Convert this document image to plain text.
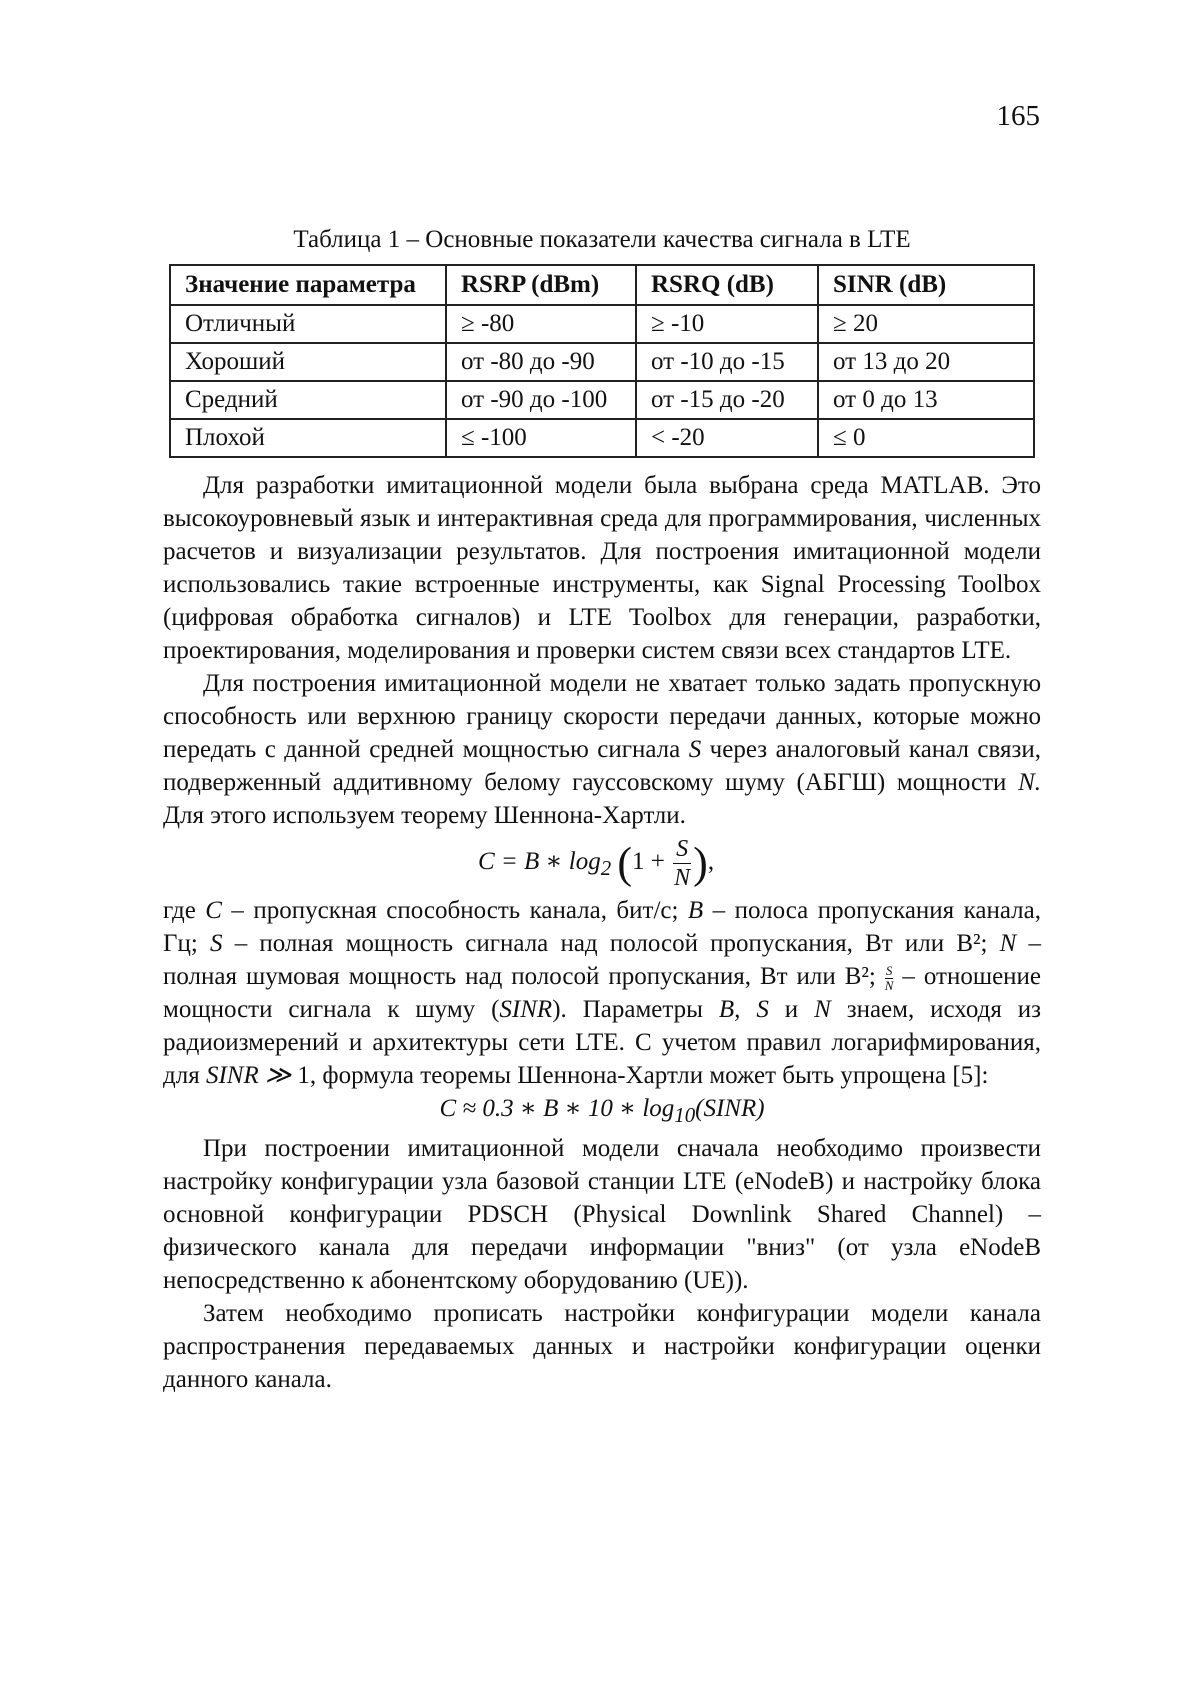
165
Таблица 1 – Основные показатели качества сигнала в LTE
Значение параметра	RSRP (dBm)	RSRQ (dB)	SINR (dB)
Отличный	≥ -80	≥ -10	≥ 20
Хороший	от -80 до -90	от -10 до -15	от 13 до 20
Средний	от -90 до -100	от -15 до -20	от 0 до 13
Плохой	≤ -100	< -20	≤ 0

Для разработки имитационной модели была выбрана среда MATLAB. Это высокоуровневый язык и интерактивная среда для программирования, численных расчетов и визуализации результатов. Для построения имитационной модели использовались такие встроенные инструменты, как Signal Processing Toolbox (цифровая обработка сигналов) и LTE Toolbox для генерации, разработки, проектирования, моделирования и проверки систем связи всех стандартов LTE.

Для построения имитационной модели не хватает только задать пропускную способность или верхнюю границу скорости передачи данных, которые можно передать с данной средней мощностью сигнала S через аналоговый канал связи, подверженный аддитивному белому гауссовскому шуму (АБГШ) мощности N. Для этого используем теорему Шеннона-Хартли.

C = B ∗ $\log_2 (1 + \frac{S}{N}$ ),

где C – пропускная способность канала, бит/с; B – полоса пропускания канала, Гц; S – полная мощность сигнала над полосой пропускания, Вт или В²; N – полная шумовая мощность над полосой пропускания, Вт или В²; $\frac{S}{N}$ – отношение мощности сигнала к шуму (SINR). Параметры B, S и N знаем, исходя из радиоизмерений и архитектуры сети LTE. С учетом правил логарифмирования, для SINR ≫ 1, формула теоремы Шеннона-Хартли может быть упрощена [5]:

C ≈ 0.3 ∗ B ∗ 10 ∗ $\log_{10}(SINR)$

При построении имитационной модели сначала необходимо произвести настройку конфигурации узла базовой станции LTE (eNodeB) и настройку блока основной конфигурации PDSCH (Physical Downlink Shared Channel) – физического канала для передачи информации "вниз" (от узла eNodeB непосредственно к абонентскому оборудованию (UE)).

Затем необходимо прописать настройки конфигурации модели канала распространения передаваемых данных и настройки конфигурации оценки данного канала.
